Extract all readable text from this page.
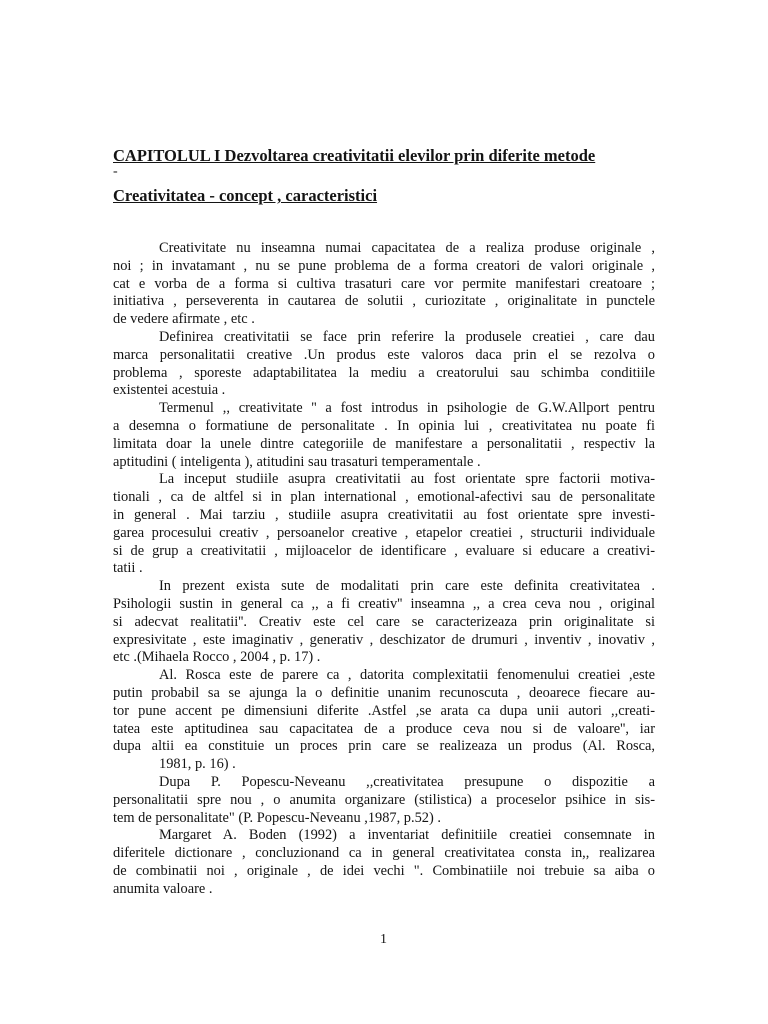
CAPITOLUL I Dezvoltarea creativitatii elevilor prin diferite metode
-
Creativitatea - concept , caracteristici
Creativitate nu inseamna numai capacitatea de a realiza produse originale ,
noi ; in invatamant , nu se pune problema de a forma creatori de valori originale ,
cat e vorba de a forma si cultiva trasaturi care vor permite manifestari creatoare ;
initiativa , perseverenta in cautarea de solutii , curiozitate , originalitate in punctele
de vedere afirmate , etc .
Definirea creativitatii se face prin referire la produsele creatiei , care dau
marca personalitatii creative .Un produs este valoros daca prin el se rezolva o
problema , sporeste adaptabilitatea la mediu a creatorului sau schimba conditiile
existentei acestuia .
Termenul ,, creativitate '' a fost introdus in psihologie de G.W.Allport pentru
a desemna o formatiune de personalitate . In opinia lui , creativitatea nu poate fi
limitata doar la unele dintre categoriile de manifestare a personalitatii , respectiv la
aptitudini ( inteligenta ), atitudini sau trasaturi temperamentale .
La inceput studiile asupra creativitatii au fost orientate spre factorii motiva-
tionali , ca de altfel si in plan international , emotional-afectivi sau de personalitate
in general . Mai tarziu , studiile asupra creativitatii au fost orientate spre investi-
garea procesului creativ , persoanelor creative , etapelor creatiei , structurii individuale
si de grup a creativitatii , mijloacelor de identificare , evaluare si educare a creativi-
tatii .
In prezent exista sute de modalitati prin care este definita creativitatea .
Psihologii sustin in general ca ,, a fi creativ'' inseamna ,, a crea ceva nou , original
si adecvat realitatii''. Creativ este cel care se caracterizeaza prin originalitate si
expresivitate , este imaginativ , generativ , deschizator de drumuri , inventiv , inovativ ,
etc .(Mihaela Rocco , 2004 , p. 17) .
Al. Rosca este de parere ca , datorita complexitatii fenomenului creatiei ,este
putin probabil sa se ajunga la o definitie unanim recunoscuta , deoarece fiecare au-
tor pune accent pe dimensiuni diferite .Astfel ,se arata ca dupa unii autori ,,creati-
tatea este aptitudinea sau capacitatea de a produce ceva nou si de valoare'', iar
dupa altii ea constituie un proces prin care se realizeaza un produs (Al. Rosca,
1981, p. 16) .
Dupa P. Popescu-Neveanu ,,creativitatea presupune o dispozitie a
personalitatii spre nou , o anumita organizare (stilistica) a proceselor psihice in sis-
tem de personalitate" (P. Popescu-Neveanu ,1987, p.52) .
Margaret A. Boden (1992) a inventariat definitiile creatiei consemnate in
diferitele dictionare , concluzionand ca in general creativitatea consta in,, realizarea
de combinatii noi , originale , de idei vechi ". Combinatiile noi trebuie sa aiba o
anumita valoare .
1
